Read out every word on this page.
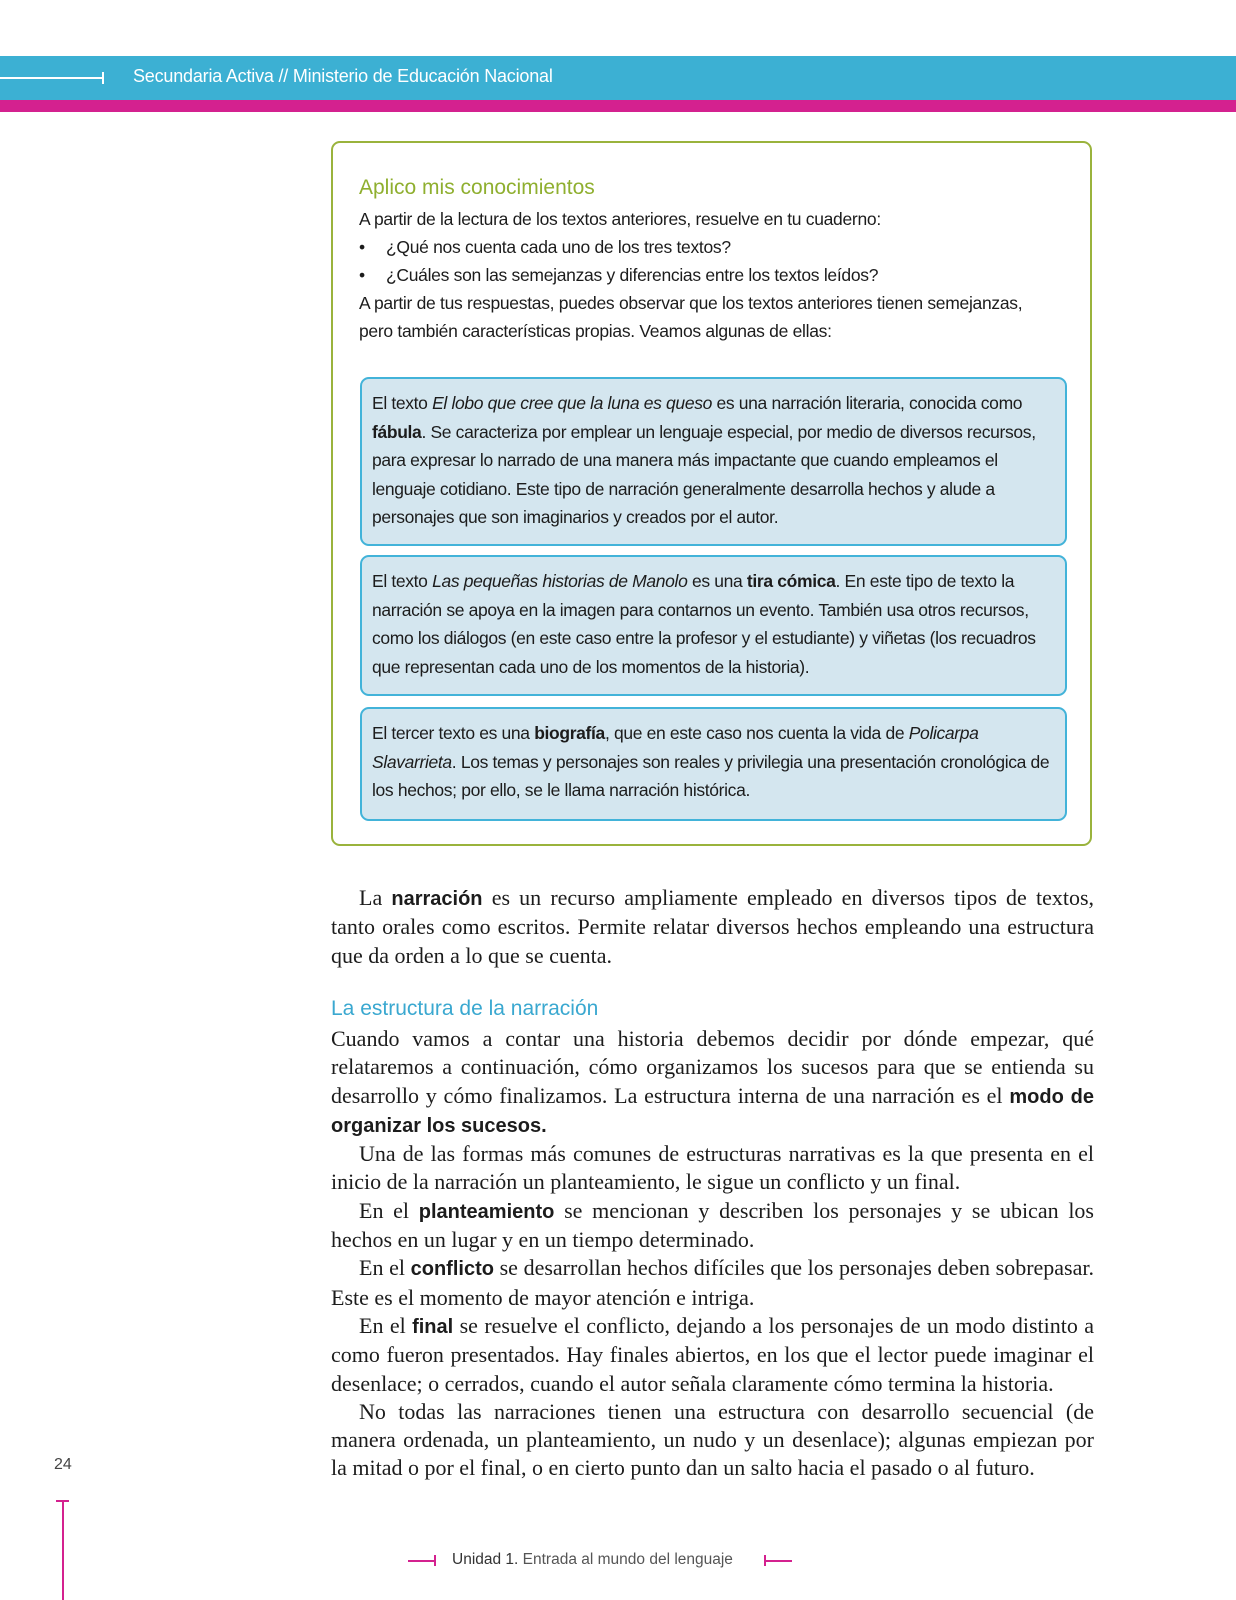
Secundaria Activa // Ministerio de Educación Nacional
Aplico mis conocimientos
A partir de la lectura de los textos anteriores, resuelve en tu cuaderno:
• ¿Qué nos cuenta cada uno de los tres textos?
• ¿Cuáles son las semejanzas y diferencias entre los textos leídos?
A partir de tus respuestas, puedes observar que los textos anteriores tienen semejanzas, pero también características propias. Veamos algunas de ellas:
El texto El lobo que cree que la luna es queso es una narración literaria, conocida como fábula. Se caracteriza por emplear un lenguaje especial, por medio de diversos recursos, para expresar lo narrado de una manera más impactante que cuando empleamos el lenguaje cotidiano. Este tipo de narración generalmente desarrolla hechos y alude a personajes que son imaginarios y creados por el autor.
El texto Las pequeñas historias de Manolo es una tira cómica. En este tipo de texto la narración se apoya en la imagen para contarnos un evento. También usa otros recursos, como los diálogos (en este caso entre la profesor y el estudiante) y viñetas (los recuadros que representan cada uno de los momentos de la historia).
El tercer texto es una biografía, que en este caso nos cuenta la vida de Policarpa Slavarrieta. Los temas y personajes son reales y privilegia una presentación cronológica de los hechos; por ello, se le llama narración histórica.

La narración es un recurso ampliamente empleado en diversos tipos de textos, tanto orales como escritos. Permite relatar diversos hechos empleando una estructura que da orden a lo que se cuenta.

La estructura de la narración

Cuando vamos a contar una historia debemos decidir por dónde empezar, qué relataremos a continuación, cómo organizamos los sucesos para que se entienda su desarrollo y cómo finalizamos. La estructura interna de una narración es el modo de organizar los sucesos.

Una de las formas más comunes de estructuras narrativas es la que presenta en el inicio de la narración un planteamiento, le sigue un conflicto y un final.

En el planteamiento se mencionan y describen los personajes y se ubican los hechos en un lugar y en un tiempo determinado.

En el conflicto se desarrollan hechos difíciles que los personajes deben sobrepasar. Este es el momento de mayor atención e intriga.

En el final se resuelve el conflicto, dejando a los personajes de un modo distinto a como fueron presentados. Hay finales abiertos, en los que el lector puede imaginar el desenlace; o cerrados, cuando el autor señala claramente cómo termina la historia.

No todas las narraciones tienen una estructura con desarrollo secuencial (de manera ordenada, un planteamiento, un nudo y un desenlace); algunas empiezan por la mitad o por el final, o en cierto punto dan un salto hacia el pasado o al futuro.

24
Unidad 1. Entrada al mundo del lenguaje
